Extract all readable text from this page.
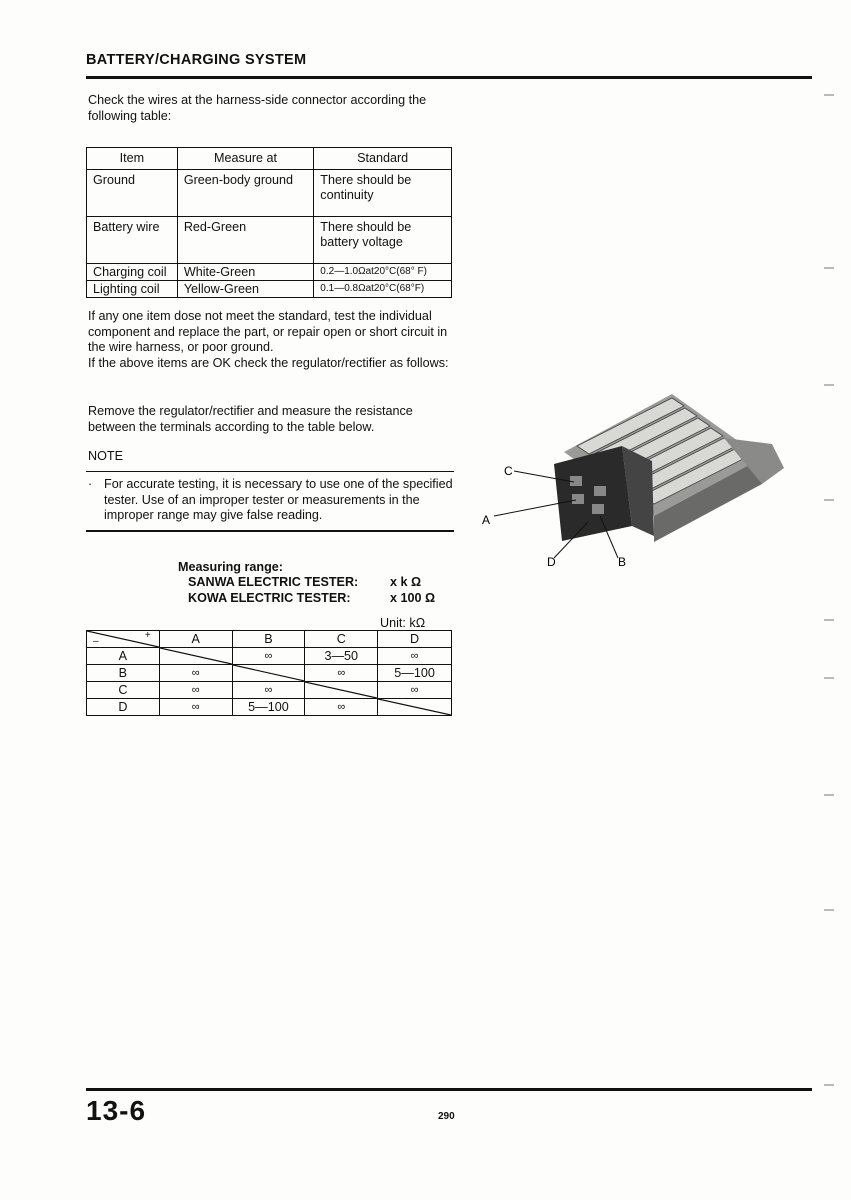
BATTERY/CHARGING SYSTEM
Check the wires at the harness-side connector according the following table:
Item	Measure at	Standard
Ground	Green-body ground	There should be continuity
Battery wire	Red-Green	There should be battery voltage
Charging coil	White-Green	0.2—1.0Ωat20°C(68° F)
Lighting coil	Yellow-Green	0.1—0.8Ωat20°C(68°F)
If any one item dose not meet the standard, test the individual component and replace the part, or repair open or short circuit in the wire harness, or poor ground.
If the above items are OK check the regulator/rectifier as follows:
Remove the regulator/rectifier and measure the resistance between the terminals according to the table below.
NOTE
· For accurate testing, it is necessary to use one of the specified tester. Use of an improper tester or measurements in the improper range may give false reading.
Measuring range:
SANWA ELECTRIC TESTER:	x k Ω
KOWA ELECTRIC TESTER:	x 100 Ω
Unit: kΩ
+
–	A	B	C	D
A		∞	3—50	∞
B	∞		∞	5—100
C	∞	∞		∞
D	∞	5—100	∞	
C
A
D	B
13-6	290
